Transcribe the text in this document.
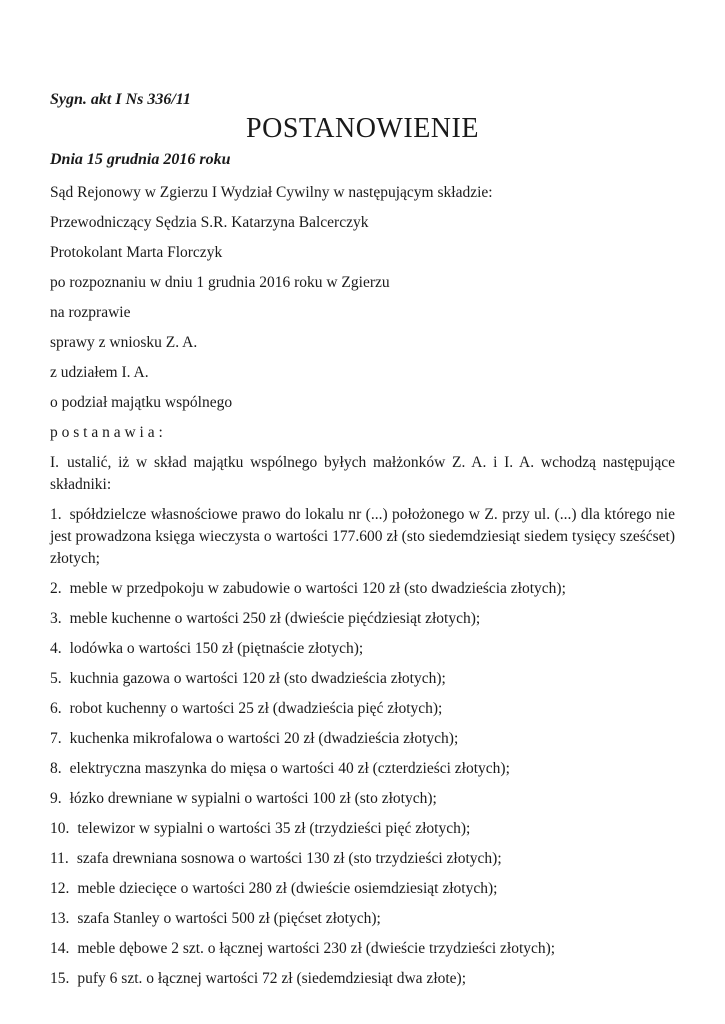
Sygn. akt I Ns 336/11

POSTANOWIENIE

Dnia 15 grudnia 2016 roku

Sąd Rejonowy w Zgierzu I Wydział Cywilny w następującym składzie:

Przewodniczący Sędzia S.R. Katarzyna Balcerczyk

Protokolant Marta Florczyk

po rozpoznaniu w dniu 1 grudnia 2016 roku w Zgierzu

na rozprawie

sprawy z wniosku Z. A.

z udziałem I. A.

o podział majątku wspólnego

p o s t a n a w i a :

I. ustalić, iż w skład majątku wspólnego byłych małżonków Z. A. i I. A. wchodzą następujące składniki:

1. spółdzielcze własnościowe prawo do lokalu nr (...) położonego w Z. przy ul. (...) dla którego nie jest prowadzona księga wieczysta o wartości 177.600 zł (sto siedemdziesiąt siedem tysięcy sześćset) złotych;

2. meble w przedpokoju w zabudowie o wartości 120 zł (sto dwadzieścia złotych);

3. meble kuchenne o wartości 250 zł (dwieście pięćdziesiąt złotych);

4. lodówka o wartości 150 zł (piętnaście złotych);

5. kuchnia gazowa o wartości 120 zł (sto dwadzieścia złotych);

6. robot kuchenny o wartości 25 zł (dwadzieścia pięć złotych);

7. kuchenka mikrofalowa o wartości 20 zł (dwadzieścia złotych);

8. elektryczna maszynka do mięsa o wartości 40 zł (czterdzieści złotych);

9. łózko drewniane w sypialni o wartości 100 zł (sto złotych);

10. telewizor w sypialni o wartości 35 zł (trzydzieści pięć złotych);

11. szafa drewniana sosnowa o wartości 130 zł (sto trzydzieści złotych);

12. meble dziecięce o wartości 280 zł (dwieście osiemdziesiąt złotych);

13. szafa Stanley o wartości 500 zł (pięćset złotych);

14. meble dębowe 2 szt. o łącznej wartości 230 zł (dwieście trzydzieści złotych);

15. pufy 6 szt. o łącznej wartości 72 zł (siedemdziesiąt dwa złote);
